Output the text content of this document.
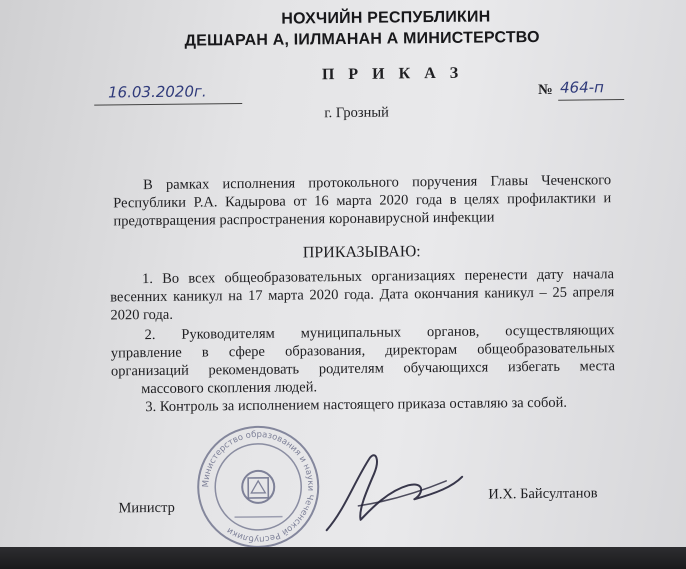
НОХЧИЙН РЕСПУБЛИКИН
ДЕШАРАН А, IИЛМАНАН А МИНИСТЕРСТВО
П Р И К А З
16.03.2020г.	№ 464-п
г. Грозный
В рамках исполнения протокольного поручения Главы Чеченского
Республики Р.А. Кадырова от 16 марта 2020 года в целях профилактики и
предотвращения распространения коронавирусной инфекции
ПРИКАЗЫВАЮ:
1. Во всех общеобразовательных организациях перенести дату начала
весенних каникул на 17 марта 2020 года. Дата окончания каникул – 25 апреля
2020 года.
2. Руководителям муниципальных органов, осуществляющих
управление в сфере образования, директорам общеобразовательных
организаций рекомендовать родителям обучающихся избегать места
массового скопления людей.
3. Контроль за исполнением настоящего приказа оставляю за собой.
Министерство образования и науки Чеченской Республики
Министр
И.Х. Байсултанов
